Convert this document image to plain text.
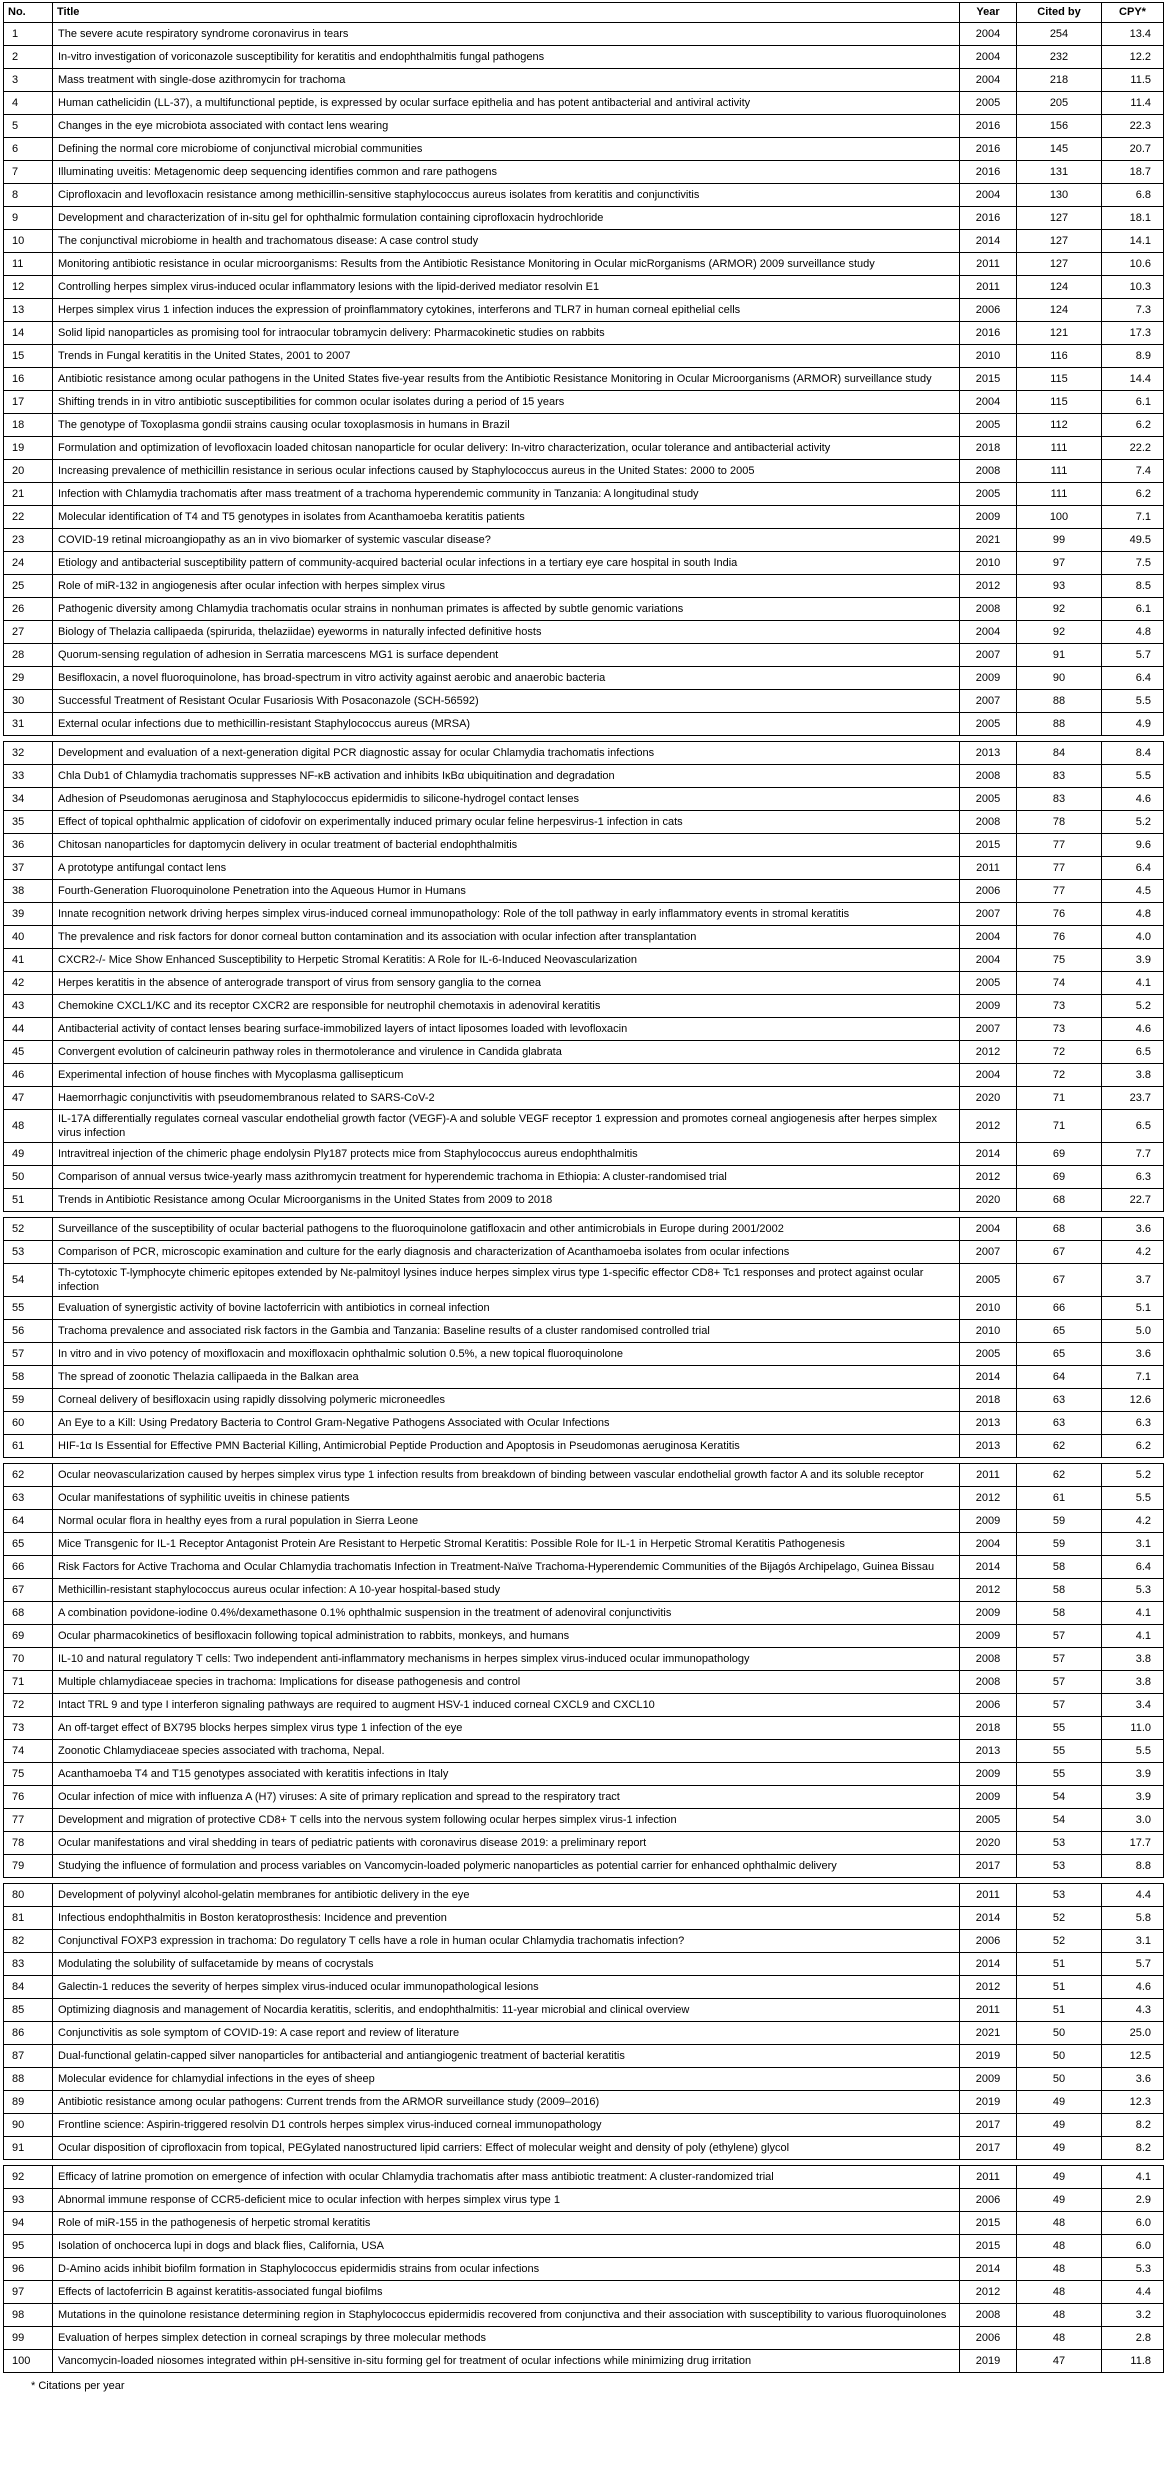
No.	Title	Year	Cited by	CPY*
1	The severe acute respiratory syndrome coronavirus in tears	2004	254	13.4
2	In-vitro investigation of voriconazole susceptibility for keratitis and endophthalmitis fungal pathogens	2004	232	12.2
3	Mass treatment with single-dose azithromycin for trachoma	2004	218	11.5
4	Human cathelicidin (LL-37), a multifunctional peptide, is expressed by ocular surface epithelia and has potent antibacterial and antiviral activity	2005	205	11.4
5	Changes in the eye microbiota associated with contact lens wearing	2016	156	22.3
6	Defining the normal core microbiome of conjunctival microbial communities	2016	145	20.7
7	Illuminating uveitis: Metagenomic deep sequencing identifies common and rare pathogens	2016	131	18.7
8	Ciprofloxacin and levofloxacin resistance among methicillin-sensitive staphylococcus aureus isolates from keratitis and conjunctivitis	2004	130	6.8
9	Development and characterization of in-situ gel for ophthalmic formulation containing ciprofloxacin hydrochloride	2016	127	18.1
10	The conjunctival microbiome in health and trachomatous disease: A case control study	2014	127	14.1
11	Monitoring antibiotic resistance in ocular microorganisms: Results from the Antibiotic Resistance Monitoring in Ocular micRorganisms (ARMOR) 2009 surveillance study	2011	127	10.6
12	Controlling herpes simplex virus-induced ocular inflammatory lesions with the lipid-derived mediator resolvin E1	2011	124	10.3
13	Herpes simplex virus 1 infection induces the expression of proinflammatory cytokines, interferons and TLR7 in human corneal epithelial cells	2006	124	7.3
14	Solid lipid nanoparticles as promising tool for intraocular tobramycin delivery: Pharmacokinetic studies on rabbits	2016	121	17.3
15	Trends in Fungal keratitis in the United States, 2001 to 2007	2010	116	8.9
16	Antibiotic resistance among ocular pathogens in the United States five-year results from the Antibiotic Resistance Monitoring in Ocular Microorganisms (ARMOR) surveillance study	2015	115	14.4
17	Shifting trends in in vitro antibiotic susceptibilities for common ocular isolates during a period of 15 years	2004	115	6.1
18	The genotype of Toxoplasma gondii strains causing ocular toxoplasmosis in humans in Brazil	2005	112	6.2
19	Formulation and optimization of levofloxacin loaded chitosan nanoparticle for ocular delivery: In-vitro characterization, ocular tolerance and antibacterial activity	2018	111	22.2
20	Increasing prevalence of methicillin resistance in serious ocular infections caused by Staphylococcus aureus in the United States: 2000 to 2005	2008	111	7.4
21	Infection with Chlamydia trachomatis after mass treatment of a trachoma hyperendemic community in Tanzania: A longitudinal study	2005	111	6.2
22	Molecular identification of T4 and T5 genotypes in isolates from Acanthamoeba keratitis patients	2009	100	7.1
23	COVID-19 retinal microangiopathy as an in vivo biomarker of systemic vascular disease?	2021	99	49.5
24	Etiology and antibacterial susceptibility pattern of community-acquired bacterial ocular infections in a tertiary eye care hospital in south India	2010	97	7.5
25	Role of miR-132 in angiogenesis after ocular infection with herpes simplex virus	2012	93	8.5
26	Pathogenic diversity among Chlamydia trachomatis ocular strains in nonhuman primates is affected by subtle genomic variations	2008	92	6.1
27	Biology of Thelazia callipaeda (spirurida, thelaziidae) eyeworms in naturally infected definitive hosts	2004	92	4.8
28	Quorum-sensing regulation of adhesion in Serratia marcescens MG1 is surface dependent	2007	91	5.7
29	Besifloxacin, a novel fluoroquinolone, has broad-spectrum in vitro activity against aerobic and anaerobic bacteria	2009	90	6.4
30	Successful Treatment of Resistant Ocular Fusariosis With Posaconazole (SCH-56592)	2007	88	5.5
31	External ocular infections due to methicillin-resistant Staphylococcus aureus (MRSA)	2005	88	4.9
32	Development and evaluation of a next-generation digital PCR diagnostic assay for ocular Chlamydia trachomatis infections	2013	84	8.4
33	Chla Dub1 of Chlamydia trachomatis suppresses NF-κB activation and inhibits IκBα ubiquitination and degradation	2008	83	5.5
34	Adhesion of Pseudomonas aeruginosa and Staphylococcus epidermidis to silicone-hydrogel contact lenses	2005	83	4.6
35	Effect of topical ophthalmic application of cidofovir on experimentally induced primary ocular feline herpesvirus-1 infection in cats	2008	78	5.2
36	Chitosan nanoparticles for daptomycin delivery in ocular treatment of bacterial endophthalmitis	2015	77	9.6
37	A prototype antifungal contact lens	2011	77	6.4
38	Fourth-Generation Fluoroquinolone Penetration into the Aqueous Humor in Humans	2006	77	4.5
39	Innate recognition network driving herpes simplex virus-induced corneal immunopathology: Role of the toll pathway in early inflammatory events in stromal keratitis	2007	76	4.8
40	The prevalence and risk factors for donor corneal button contamination and its association with ocular infection after transplantation	2004	76	4.0
41	CXCR2-/- Mice Show Enhanced Susceptibility to Herpetic Stromal Keratitis: A Role for IL-6-Induced Neovascularization	2004	75	3.9
42	Herpes keratitis in the absence of anterograde transport of virus from sensory ganglia to the cornea	2005	74	4.1
43	Chemokine CXCL1/KC and its receptor CXCR2 are responsible for neutrophil chemotaxis in adenoviral keratitis	2009	73	5.2
44	Antibacterial activity of contact lenses bearing surface-immobilized layers of intact liposomes loaded with levofloxacin	2007	73	4.6
45	Convergent evolution of calcineurin pathway roles in thermotolerance and virulence in Candida glabrata	2012	72	6.5
46	Experimental infection of house finches with Mycoplasma gallisepticum	2004	72	3.8
47	Haemorrhagic conjunctivitis with pseudomembranous related to SARS-CoV-2	2020	71	23.7
48	IL-17A differentially regulates corneal vascular endothelial growth factor (VEGF)-A and soluble VEGF receptor 1 expression and promotes corneal angiogenesis after herpes simplex virus infection	2012	71	6.5
49	Intravitreal injection of the chimeric phage endolysin Ply187 protects mice from Staphylococcus aureus endophthalmitis	2014	69	7.7
50	Comparison of annual versus twice-yearly mass azithromycin treatment for hyperendemic trachoma in Ethiopia: A cluster-randomised trial	2012	69	6.3
51	Trends in Antibiotic Resistance among Ocular Microorganisms in the United States from 2009 to 2018	2020	68	22.7
52	Surveillance of the susceptibility of ocular bacterial pathogens to the fluoroquinolone gatifloxacin and other antimicrobials in Europe during 2001/2002	2004	68	3.6
53	Comparison of PCR, microscopic examination and culture for the early diagnosis and characterization of Acanthamoeba isolates from ocular infections	2007	67	4.2
54	Th-cytotoxic T-lymphocyte chimeric epitopes extended by Nε-palmitoyl lysines induce herpes simplex virus type 1-specific effector CD8+ Tc1 responses and protect against ocular infection	2005	67	3.7
55	Evaluation of synergistic activity of bovine lactoferricin with antibiotics in corneal infection	2010	66	5.1
56	Trachoma prevalence and associated risk factors in the Gambia and Tanzania: Baseline results of a cluster randomised controlled trial	2010	65	5.0
57	In vitro and in vivo potency of moxifloxacin and moxifloxacin ophthalmic solution 0.5%, a new topical fluoroquinolone	2005	65	3.6
58	The spread of zoonotic Thelazia callipaeda in the Balkan area	2014	64	7.1
59	Corneal delivery of besifloxacin using rapidly dissolving polymeric microneedles	2018	63	12.6
60	An Eye to a Kill: Using Predatory Bacteria to Control Gram-Negative Pathogens Associated with Ocular Infections	2013	63	6.3
61	HIF-1α Is Essential for Effective PMN Bacterial Killing, Antimicrobial Peptide Production and Apoptosis in Pseudomonas aeruginosa Keratitis	2013	62	6.2
62	Ocular neovascularization caused by herpes simplex virus type 1 infection results from breakdown of binding between vascular endothelial growth factor A and its soluble receptor	2011	62	5.2
63	Ocular manifestations of syphilitic uveitis in chinese patients	2012	61	5.5
64	Normal ocular flora in healthy eyes from a rural population in Sierra Leone	2009	59	4.2
65	Mice Transgenic for IL-1 Receptor Antagonist Protein Are Resistant to Herpetic Stromal Keratitis: Possible Role for IL-1 in Herpetic Stromal Keratitis Pathogenesis	2004	59	3.1
66	Risk Factors for Active Trachoma and Ocular Chlamydia trachomatis Infection in Treatment-Naïve Trachoma-Hyperendemic Communities of the Bijagós Archipelago, Guinea Bissau	2014	58	6.4
67	Methicillin-resistant staphylococcus aureus ocular infection: A 10-year hospital-based study	2012	58	5.3
68	A combination povidone-iodine 0.4%/dexamethasone 0.1% ophthalmic suspension in the treatment of adenoviral conjunctivitis	2009	58	4.1
69	Ocular pharmacokinetics of besifloxacin following topical administration to rabbits, monkeys, and humans	2009	57	4.1
70	IL-10 and natural regulatory T cells: Two independent anti-inflammatory mechanisms in herpes simplex virus-induced ocular immunopathology	2008	57	3.8
71	Multiple chlamydiaceae species in trachoma: Implications for disease pathogenesis and control	2008	57	3.8
72	Intact TRL 9 and type I interferon signaling pathways are required to augment HSV-1 induced corneal CXCL9 and CXCL10	2006	57	3.4
73	An off-target effect of BX795 blocks herpes simplex virus type 1 infection of the eye	2018	55	11.0
74	Zoonotic Chlamydiaceae species associated with trachoma, Nepal.	2013	55	5.5
75	Acanthamoeba T4 and T15 genotypes associated with keratitis infections in Italy	2009	55	3.9
76	Ocular infection of mice with influenza A (H7) viruses: A site of primary replication and spread to the respiratory tract	2009	54	3.9
77	Development and migration of protective CD8+ T cells into the nervous system following ocular herpes simplex virus-1 infection	2005	54	3.0
78	Ocular manifestations and viral shedding in tears of pediatric patients with coronavirus disease 2019: a preliminary report	2020	53	17.7
79	Studying the influence of formulation and process variables on Vancomycin-loaded polymeric nanoparticles as potential carrier for enhanced ophthalmic delivery	2017	53	8.8
80	Development of polyvinyl alcohol-gelatin membranes for antibiotic delivery in the eye	2011	53	4.4
81	Infectious endophthalmitis in Boston keratoprosthesis: Incidence and prevention	2014	52	5.8
82	Conjunctival FOXP3 expression in trachoma: Do regulatory T cells have a role in human ocular Chlamydia trachomatis infection?	2006	52	3.1
83	Modulating the solubility of sulfacetamide by means of cocrystals	2014	51	5.7
84	Galectin-1 reduces the severity of herpes simplex virus-induced ocular immunopathological lesions	2012	51	4.6
85	Optimizing diagnosis and management of Nocardia keratitis, scleritis, and endophthalmitis: 11-year microbial and clinical overview	2011	51	4.3
86	Conjunctivitis as sole symptom of COVID-19: A case report and review of literature	2021	50	25.0
87	Dual-functional gelatin-capped silver nanoparticles for antibacterial and antiangiogenic treatment of bacterial keratitis	2019	50	12.5
88	Molecular evidence for chlamydial infections in the eyes of sheep	2009	50	3.6
89	Antibiotic resistance among ocular pathogens: Current trends from the ARMOR surveillance study (2009–2016)	2019	49	12.3
90	Frontline science: Aspirin-triggered resolvin D1 controls herpes simplex virus-induced corneal immunopathology	2017	49	8.2
91	Ocular disposition of ciprofloxacin from topical, PEGylated nanostructured lipid carriers: Effect of molecular weight and density of poly (ethylene) glycol	2017	49	8.2
92	Efficacy of latrine promotion on emergence of infection with ocular Chlamydia trachomatis after mass antibiotic treatment: A cluster-randomized trial	2011	49	4.1
93	Abnormal immune response of CCR5-deficient mice to ocular infection with herpes simplex virus type 1	2006	49	2.9
94	Role of miR-155 in the pathogenesis of herpetic stromal keratitis	2015	48	6.0
95	Isolation of onchocerca lupi in dogs and black flies, California, USA	2015	48	6.0
96	D-Amino acids inhibit biofilm formation in Staphylococcus epidermidis strains from ocular infections	2014	48	5.3
97	Effects of lactoferricin B against keratitis-associated fungal biofilms	2012	48	4.4
98	Mutations in the quinolone resistance determining region in Staphylococcus epidermidis recovered from conjunctiva and their association with susceptibility to various fluoroquinolones	2008	48	3.2
99	Evaluation of herpes simplex detection in corneal scrapings by three molecular methods	2006	48	2.8
100	Vancomycin-loaded niosomes integrated within pH-sensitive in-situ forming gel for treatment of ocular infections while minimizing drug irritation	2019	47	11.8
* Citations per year
